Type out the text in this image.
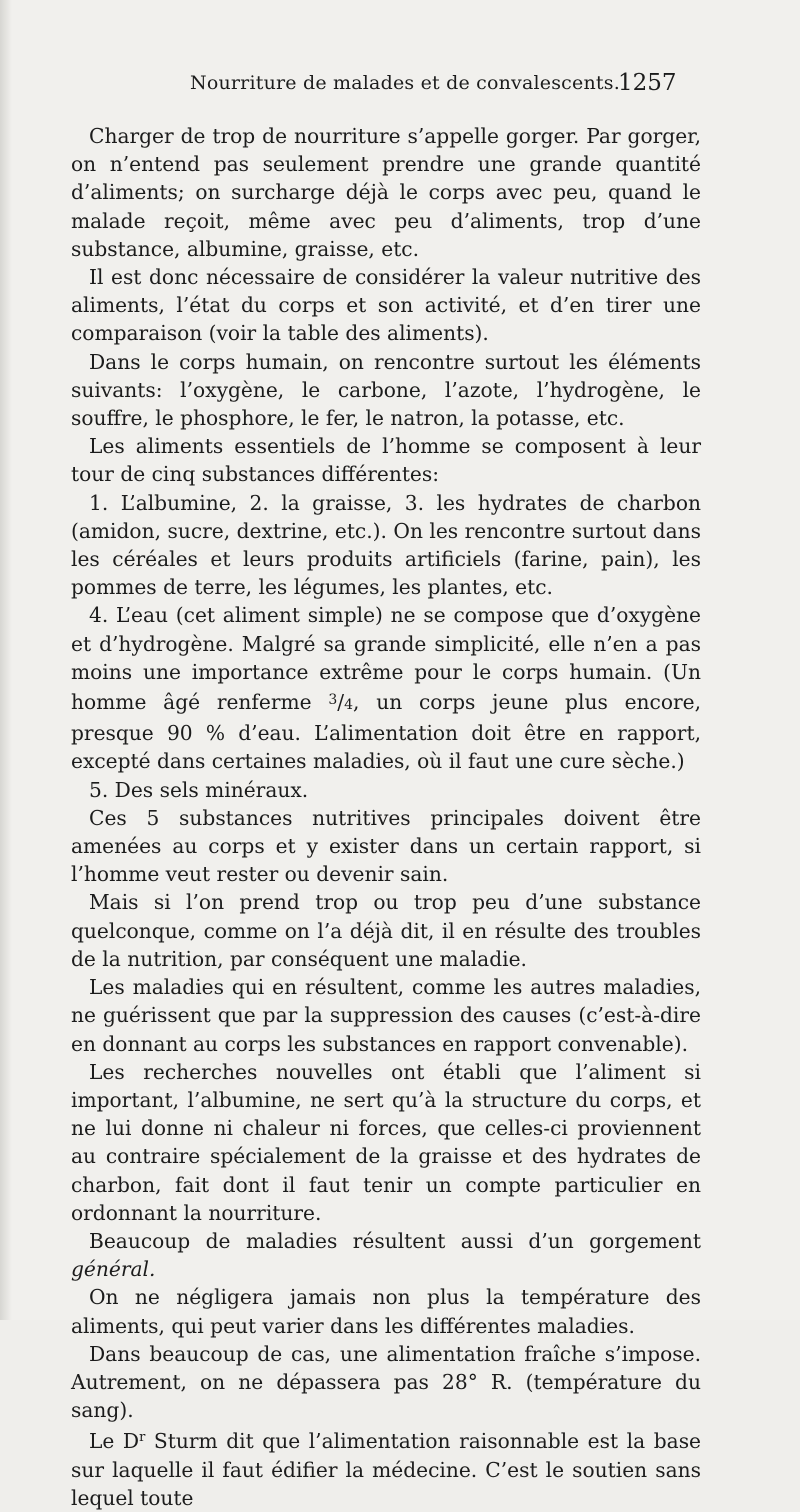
Nourriture de malades et de convalescents.
1257

Charger de trop de nourriture s’appelle gorger. Par gorger, on n’entend pas seulement prendre une grande quantité d’aliments; on surcharge déjà le corps avec peu, quand le malade reçoit, même avec peu d’aliments, trop d’une substance, albumine, graisse, etc.

Il est donc nécessaire de considérer la valeur nutritive des aliments, l’état du corps et son activité, et d’en tirer une comparaison (voir la table des aliments).

Dans le corps humain, on rencontre surtout les éléments suivants: l’oxygène, le carbone, l’azote, l’hydrogène, le souffre, le phosphore, le fer, le natron, la potasse, etc.

Les aliments essentiels de l’homme se composent à leur tour de cinq substances différentes:

1. L’albumine, 2. la graisse, 3. les hydrates de charbon (amidon, sucre, dextrine, etc.). On les rencontre surtout dans les céréales et leurs produits artificiels (farine, pain), les pommes de terre, les légumes, les plantes, etc.

4. L’eau (cet aliment simple) ne se compose que d’oxygène et d’hydrogène. Malgré sa grande simplicité, elle n’en a pas moins une importance extrême pour le corps humain. (Un homme âgé renferme $^3$/4, un corps jeune plus encore, presque 90 % d’eau. L’alimentation doit être en rapport, excepté dans certaines maladies, où il faut une cure sèche.)

5. Des sels minéraux.

Ces 5 substances nutritives principales doivent être amenées au corps et y exister dans un certain rapport, si l’homme veut rester ou devenir sain.

Mais si l’on prend trop ou trop peu d’une substance quelconque, comme on l’a déjà dit, il en résulte des troubles de la nutrition, par conséquent une maladie.

Les maladies qui en résultent, comme les autres maladies, ne guérissent que par la suppression des causes (c’est-à-dire en donnant au corps les substances en rapport convenable).

Les recherches nouvelles ont établi que l’aliment si important, l’albumine, ne sert qu’à la structure du corps, et ne lui donne ni chaleur ni forces, que celles-ci proviennent au contraire spécialement de la graisse et des hydrates de charbon, fait dont il faut tenir un compte particulier en ordonnant la nourriture.

Beaucoup de maladies résultent aussi d’un gorgement général.

On ne négligera jamais non plus la température des aliments, qui peut varier dans les différentes maladies.

Dans beaucoup de cas, une alimentation fraîche s’impose. Autrement, on ne dépassera pas 28° R. (température du sang).

Le $D^r$ Sturm dit que l’alimentation raisonnable est la base sur laquelle il faut édifier la médecine. C’est le soutien sans lequel toute
